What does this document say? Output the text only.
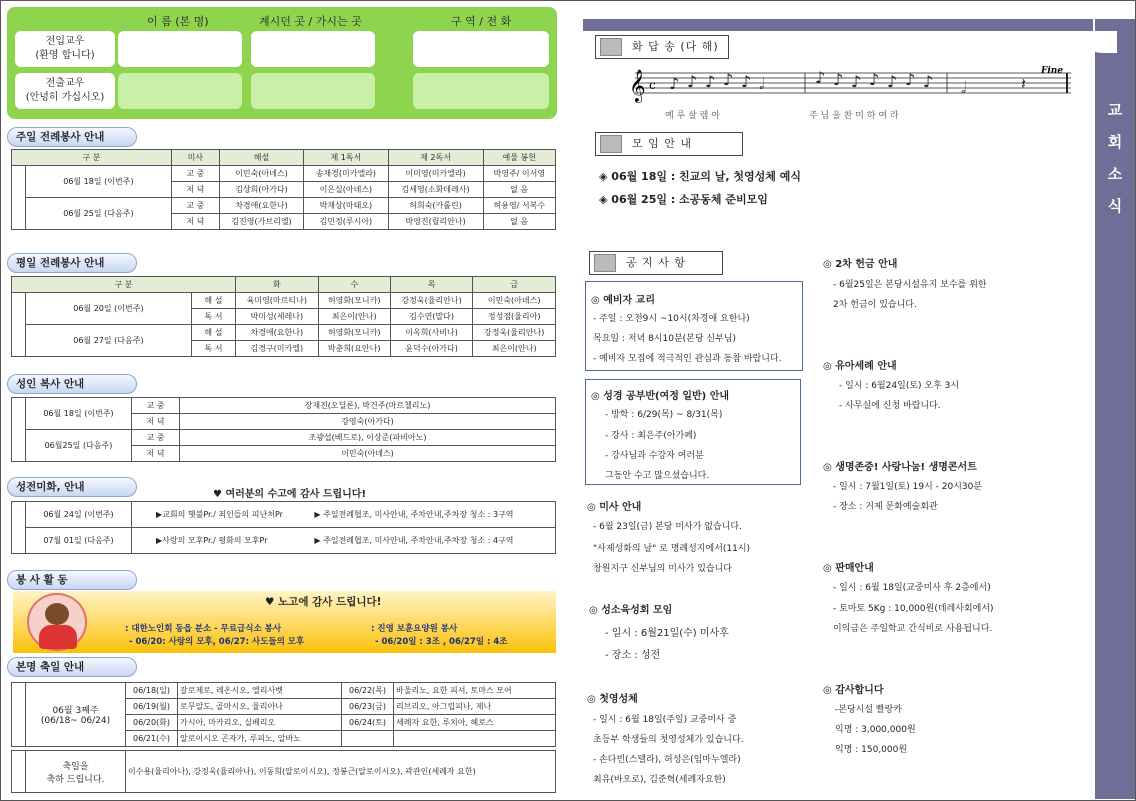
이 름 (본 명)	계시던 곳 / 가시는 곳	구 역 / 전 화
전입교우
(환영 합니다)
전출교우
(안녕히 가십시오)
주일 전례봉사 안내
구 분		미사	해설	제 1독서	제 2독서	예물 봉헌
	06월 18일 (이번주)	교 중	이민숙(아녜스)	송재경(미카엘라)	이미영(미카엘라)	박영주/ 이서영
		저 녁	김상희(아가다)	이은실(아녜스)	김세영(소화데레사)	없 음
	06월 25일 (다음주)	교 중	차경애(요한나)	박재상(마태오)	허희숙(카롤린)	허용영/ 서복수
		저 녁	김진영(가브리엘)	김민정(루시아)	박영진(릴리안나)	없 음
평일 전례봉사 안내
구 분			화	수	목	금
	06월 20일 (이번주)	해 설	육미영(마르티나)	허영화(모니카)	강정욱(율리안나)	이민숙(아녜스)
		독 서	박미성(세레나)	최은이(안나)	김수연(말다)	정성점(율리아)
	06월 27일 (다음주)	해 설	차경애(요한나)	허영화(모니카)	이옥희(사비나)	강정욱(율리안나)
		독 서	김경구(미카엘)	박춘희(요안나)	윤덕수(아가다)	최은이(안나)
성인 복사 안내
	06월 18일 (이번주)	교 중	장재진(오딜론), 박건주(마르첼리노)
		저 녁	강영숙(아가다)
	06월25일 (다음주)	교 중	조광섭(베드로), 이상준(파비아노)
		저 녁	이민숙(아녜스)
성전미화, 안내
♥ 여러분의 수고에 감사 드립니다!
	06월 24일 (이번주)	▶교회의 햇불Pr./ 죄인들의 피난처Pr	▶ 주일전례협조, 미사안내, 주차안내,주차장 청소 : 3구역
	07월 01일 (다음주)	▶사랑의 모후Pr./ 평화의 모후Pr	▶ 주일전례협조, 미사안내, 주차안내,주차장 청소 : 4구역
봉 사 활 동
♥ 노고에 감사 드립니다!
: 대한노인회 동읍 분소 - 무료급식소 봉사
- 06/20: 사랑의 모후, 06/27: 사도들의 모후
: 진영 보훈요양원 봉사
- 06/20일 : 3조 , 06/27일 : 4조
본명 축일 안내
	06월 3째주
(06/18~ 06/24)	06/18(일)	갈로제로, 레온시오, 엘리사벳	06/22(목)	바울리노, 요한 피셔, 토마스 모어
		06/19(월)	로무알도, 골마시오, 율리아나	06/23(금)	리브리오, 아그립피나, 제나
		06/20(화)	가시아, 마카리오, 실베리오	06/24(토)	세례자 요한, 루치아, 헤로스
		06/21(수)	알로이시오 곤자가, 루피노, 알바노		
	축일을
축하 드립니다.	이수용(율리아나), 강정욱(율리아나), 이동희(알로이시오), 정봉근(알로이시오), 곽관인(세례자 요한)
교
회
소
식
화 답 송 (다 해)
𝄞 c ♪ ♪ ♪ ♪ ♪ 𝅗𝅥	♪ ♪ ♪ ♪ ♪ ♪ ♪ 𝅗𝅥	𝄽
Fine
예 루 살 렘 아	주 님 을 찬 미 하 여 라
모 임 안 내
◈ 06월 18일 : 친교의 날, 첫영성체 예식
◈ 06월 25일 : 소공동체 준비모임
공 지 사 항
◎ 예비자 교리
- 주일 : 오전9시 ~10시(차경애 요한나)
목요일 : 저녁 8시10분(본당 신부님)
- 예비자 모집에 적극적인 관심과 동참 바랍니다.
◎ 성경 공부반(여정 일반) 안내
- 방학 : 6/29(목) ~ 8/31(목)
- 강사 : 최은주(아가페)
- 강사님과 수강자 여러분
그동안 수고 많으셨습니다.
◎ 미사 안내
- 6월 23일(금) 본당 미사가 없습니다.
"사제성화의 날" 로 명례성지에서(11시)
창원지구 신부님의 미사가 있습니다
◎ 성소육성회 모임
- 일시 : 6월21일(수) 미사후
- 장소 : 성전
◎ 첫영성체
- 일시 : 6월 18일(주일) 교중미사 중
초등부 학생들의 첫영성체가 있습니다.
- 손다빈(스텔라), 허성은(임마누엘라)
최유(바오로), 김준혁(세례자요한)
◎ 2차 헌금 안내
- 6월25일은 본당시설유지 보수를 위한
2차 헌금이 있습니다.
◎ 유아세례 안내
- 일시 : 6월24일(토) 오후 3시
- 사무실에 신청 바랍니다.
◎ 생명존중! 사랑나눔! 생명콘서트
- 일시 : 7월1일(토) 19시 - 20시30분
- 장소 : 거제 문화예술회관
◎ 판매안내
- 일시 : 6월 18일(교중미사 후 2층에서)
- 토마토 5Kg : 10,000원(데레사회에서)
이익금은 주일학교 간식비로 사용됩니다.
◎ 감사합니다
-본당시설 빨랑카
익명 : 3,000,000원
익명 : 150,000원
